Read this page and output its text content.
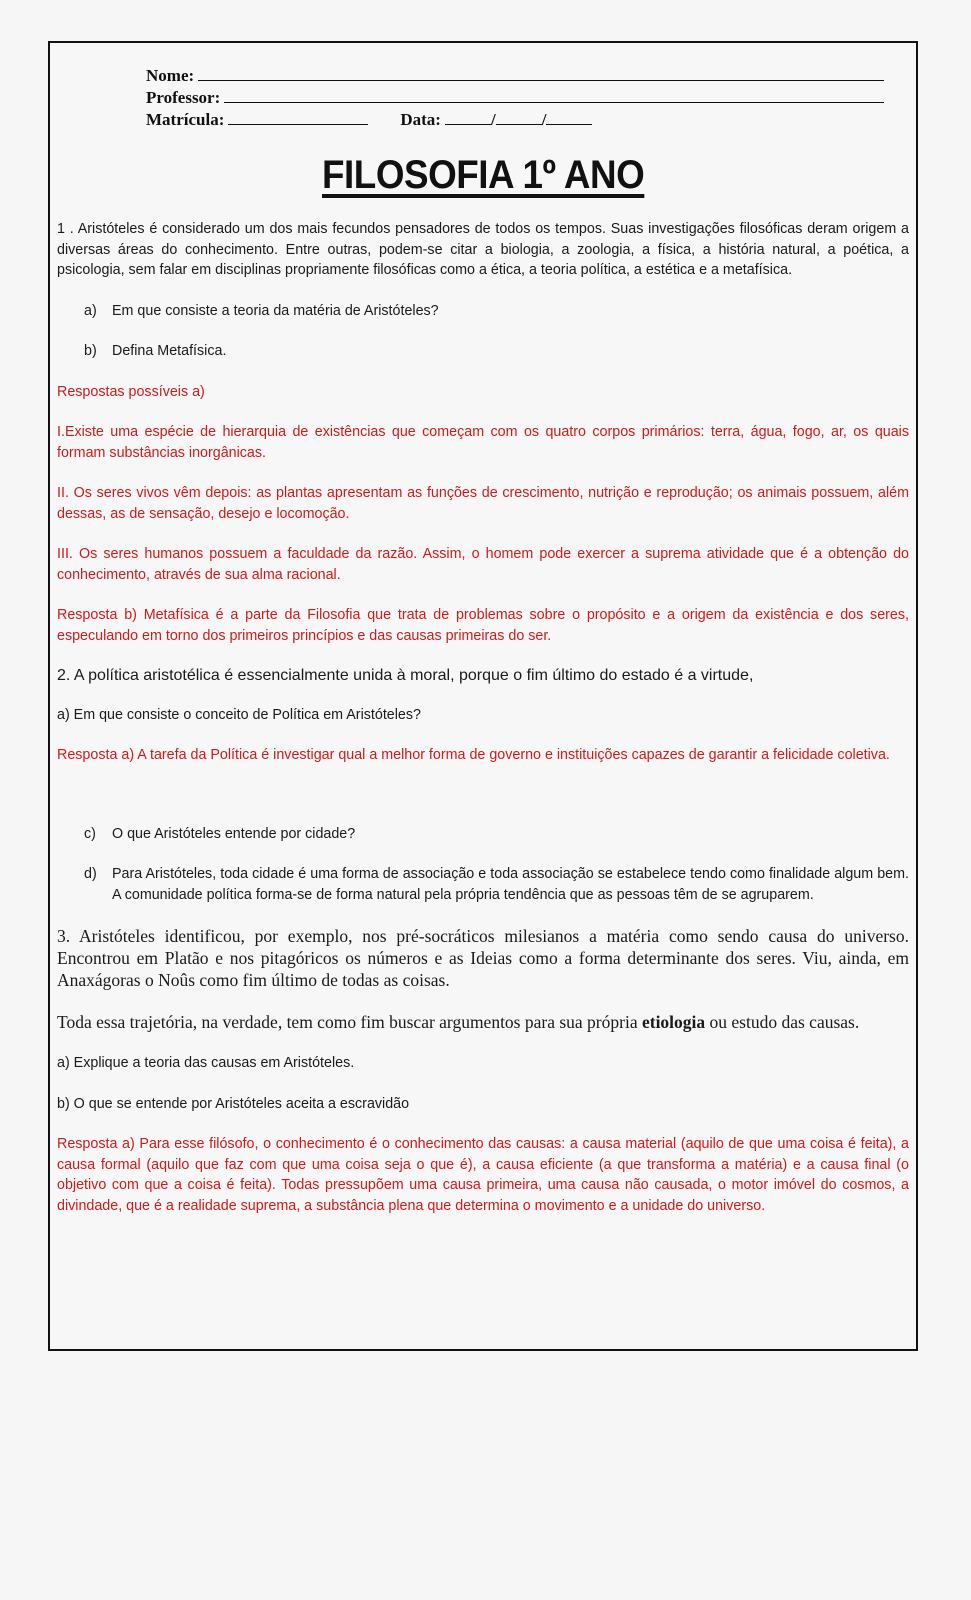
Nome:
Professor:
Matrícula:	Data:	/	/
FILOSOFIA 1º ANO

1 . Aristóteles é considerado um dos mais fecundos pensadores de todos os tempos. Suas investigações filosóficas deram origem a diversas áreas do conhecimento. Entre outras, podem-se citar a biologia, a zoologia, a física, a história natural, a poética, a psicologia, sem falar em disciplinas propriamente filosóficas como a ética, a teoria política, a estética e a metafísica.

a)	Em que consiste a teoria da matéria de Aristóteles?
b)	Defina Metafísica.

Respostas possíveis a)

I.Existe uma espécie de hierarquia de existências que começam com os quatro corpos primários: terra, água, fogo, ar, os quais formam substâncias inorgânicas.

II. Os seres vivos vêm depois: as plantas apresentam as funções de crescimento, nutrição e reprodução; os animais possuem, além dessas, as de sensação, desejo e locomoção.

III. Os seres humanos possuem a faculdade da razão. Assim, o homem pode exercer a suprema atividade que é a obtenção do conhecimento, através de sua alma racional.

Resposta b) Metafísica é a parte da Filosofia que trata de problemas sobre o propósito e a origem da existência e dos seres, especulando em torno dos primeiros princípios e das causas primeiras do ser.

2. A política aristotélica é essencialmente unida à moral, porque o fim último do estado é a virtude,

a) Em que consiste o conceito de Política em Aristóteles?

Resposta a) A tarefa da Política é investigar qual a melhor forma de governo e instituições capazes de garantir a felicidade coletiva.

c)	O que Aristóteles entende por cidade?
d)	Para Aristóteles, toda cidade é uma forma de associação e toda associação se estabelece tendo como finalidade algum bem. A comunidade política forma-se de forma natural pela própria tendência que as pessoas têm de se agruparem.

3. Aristóteles identificou, por exemplo, nos pré-socráticos milesianos a matéria como sendo causa do universo. Encontrou em Platão e nos pitagóricos os números e as Ideias como a forma determinante dos seres. Viu, ainda, em Anaxágoras o Noûs como fim último de todas as coisas.

Toda essa trajetória, na verdade, tem como fim buscar argumentos para sua própria etiologia ou estudo das causas.

a) Explique a teoria das causas em Aristóteles.

b) O que se entende por Aristóteles aceita a escravidão

Resposta a) Para esse filósofo, o conhecimento é o conhecimento das causas: a causa material (aquilo de que uma coisa é feita), a causa formal (aquilo que faz com que uma coisa seja o que é), a causa eficiente (a que transforma a matéria) e a causa final (o objetivo com que a coisa é feita). Todas pressupõem uma causa primeira, uma causa não causada, o motor imóvel do cosmos, a divindade, que é a realidade suprema, a substância plena que determina o movimento e a unidade do universo.
